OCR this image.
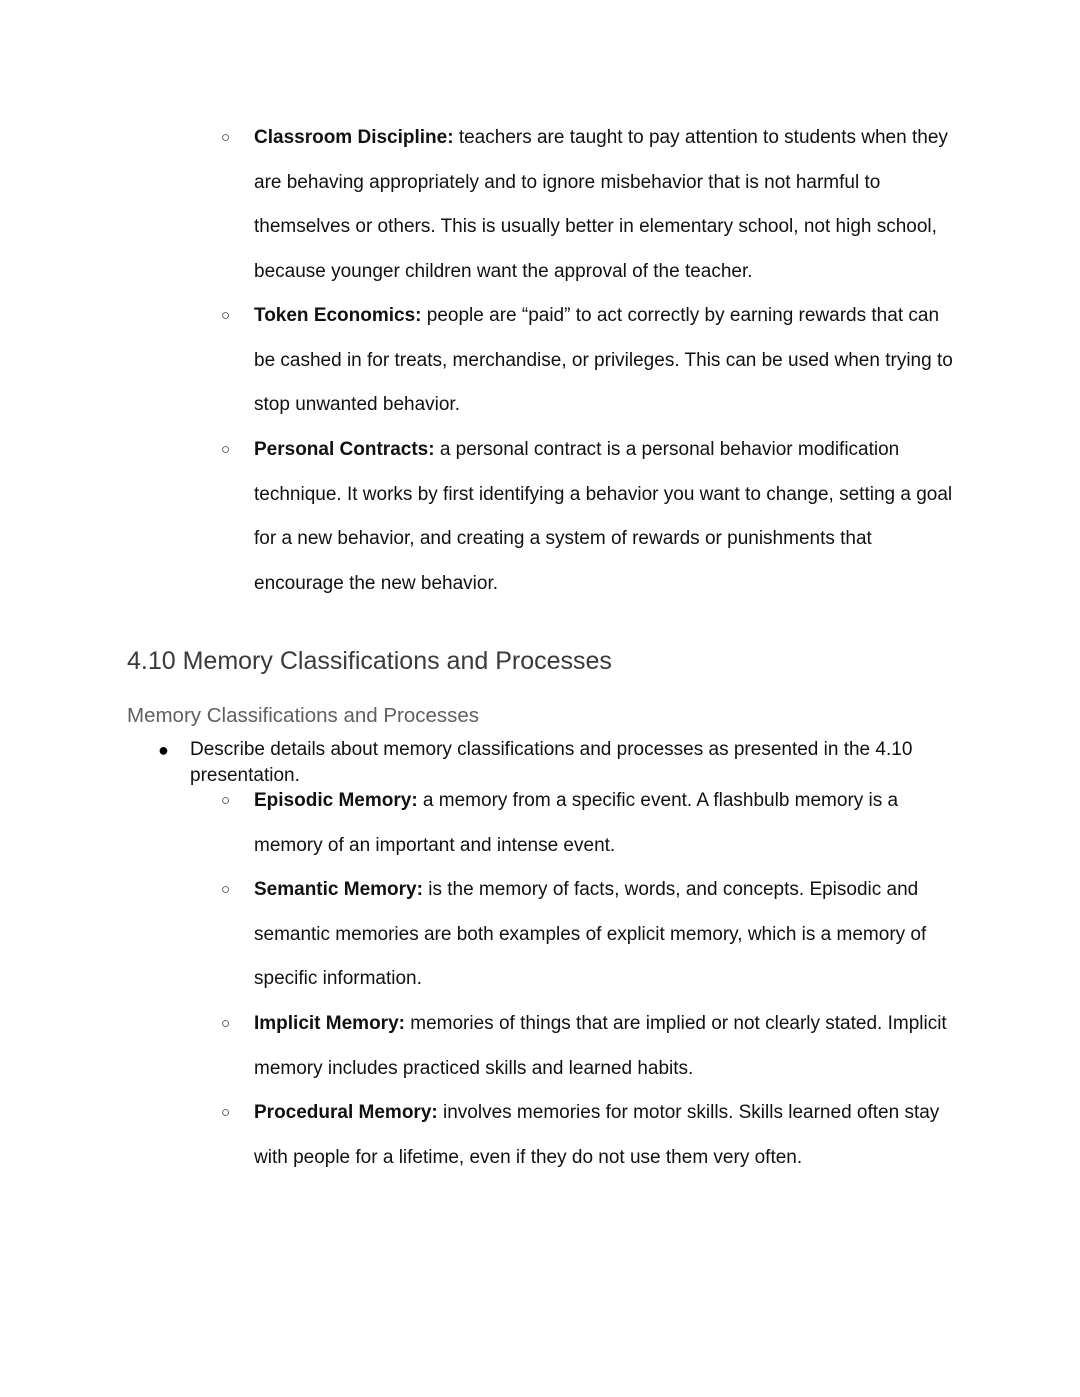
○ Classroom Discipline: teachers are taught to pay attention to students when they are behaving appropriately and to ignore misbehavior that is not harmful to themselves or others. This is usually better in elementary school, not high school, because younger children want the approval of the teacher.
○ Token Economics: people are “paid” to act correctly by earning rewards that can be cashed in for treats, merchandise, or privileges. This can be used when trying to stop unwanted behavior.
○ Personal Contracts: a personal contract is a personal behavior modification technique. It works by first identifying a behavior you want to change, setting a goal for a new behavior, and creating a system of rewards or punishments that encourage the new behavior.
4.10 Memory Classifications and Processes
Memory Classifications and Processes
● Describe details about memory classifications and processes as presented in the 4.10 presentation.
○ Episodic Memory: a memory from a specific event. A flashbulb memory is a memory of an important and intense event.
○ Semantic Memory: is the memory of facts, words, and concepts. Episodic and semantic memories are both examples of explicit memory, which is a memory of specific information.
○ Implicit Memory: memories of things that are implied or not clearly stated. Implicit memory includes practiced skills and learned habits.
○ Procedural Memory: involves memories for motor skills. Skills learned often stay with people for a lifetime, even if they do not use them very often.
